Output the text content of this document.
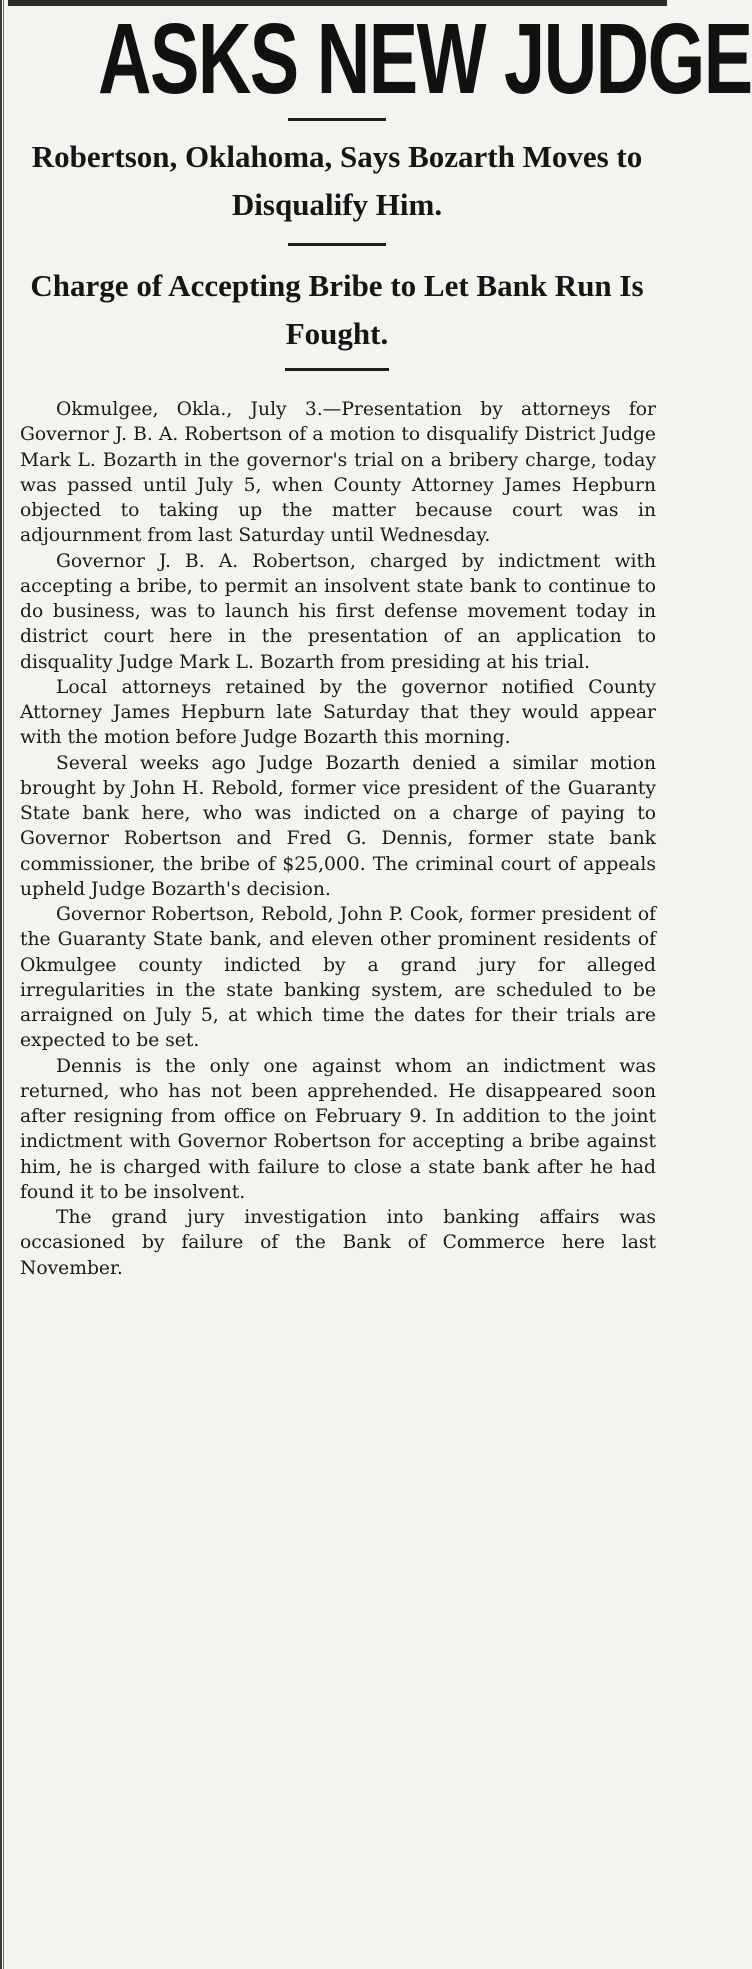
ASKS NEW JUDGE
Robertson, Oklahoma, Says Bozarth Moves to Disqualify Him.
Charge of Accepting Bribe to Let Bank Run Is Fought.

Okmulgee, Okla., July 3.—Presentation by attorneys for Governor J. B. A. Robertson of a motion to disqualify District Judge Mark L. Bozarth in the governor's trial on a bribery charge, today was passed until July 5, when County Attorney James Hepburn objected to taking up the matter because court was in adjournment from last Saturday until Wednesday.

Governor J. B. A. Robertson, charged by indictment with accepting a bribe, to permit an insolvent state bank to continue to do business, was to launch his first defense movement today in district court here in the presentation of an application to disquality Judge Mark L. Bozarth from presiding at his trial.

Local attorneys retained by the governor notified County Attorney James Hepburn late Saturday that they would appear with the motion before Judge Bozarth this morning.

Several weeks ago Judge Bozarth denied a similar motion brought by John H. Rebold, former vice president of the Guaranty State bank here, who was indicted on a charge of paying to Governor Robertson and Fred G. Dennis, former state bank commissioner, the bribe of $25,000. The criminal court of appeals upheld Judge Bozarth's decision.

Governor Robertson, Rebold, John P. Cook, former president of the Guaranty State bank, and eleven other prominent residents of Okmulgee county indicted by a grand jury for alleged irregularities in the state banking system, are scheduled to be arraigned on July 5, at which time the dates for their trials are expected to be set.

Dennis is the only one against whom an indictment was returned, who has not been apprehended. He disappeared soon after resigning from office on February 9. In addition to the joint indictment with Governor Robertson for accepting a bribe against him, he is charged with failure to close a state bank after he had found it to be insolvent.

The grand jury investigation into banking affairs was occasioned by failure of the Bank of Commerce here last November.
